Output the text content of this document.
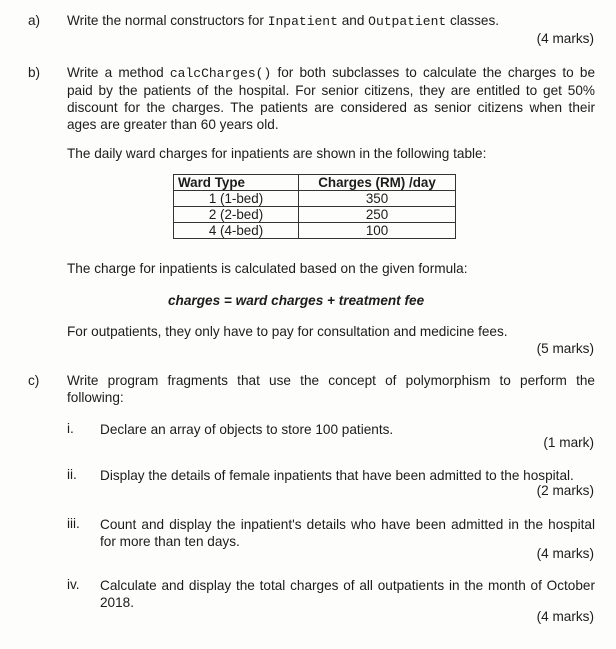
a) Write the normal constructors for Inpatient and Outpatient classes.
(4 marks)
b) Write a method calcCharges() for both subclasses to calculate the charges to be paid by the patients of the hospital. For senior citizens, they are entitled to get 50% discount for the charges. The patients are considered as senior citizens when their ages are greater than 60 years old.
The daily ward charges for inpatients are shown in the following table:
Ward Type	Charges (RM) /day
1 (1-bed)	350
2 (2-bed)	250
4 (4-bed)	100
The charge for inpatients is calculated based on the given formula:
charges = ward charges + treatment fee
For outpatients, they only have to pay for consultation and medicine fees.
(5 marks)
c) Write program fragments that use the concept of polymorphism to perform the following:
i. Declare an array of objects to store 100 patients.
(1 mark)
ii. Display the details of female inpatients that have been admitted to the hospital.
(2 marks)
iii. Count and display the inpatient's details who have been admitted in the hospital for more than ten days.
(4 marks)
iv. Calculate and display the total charges of all outpatients in the month of October 2018.
(4 marks)
